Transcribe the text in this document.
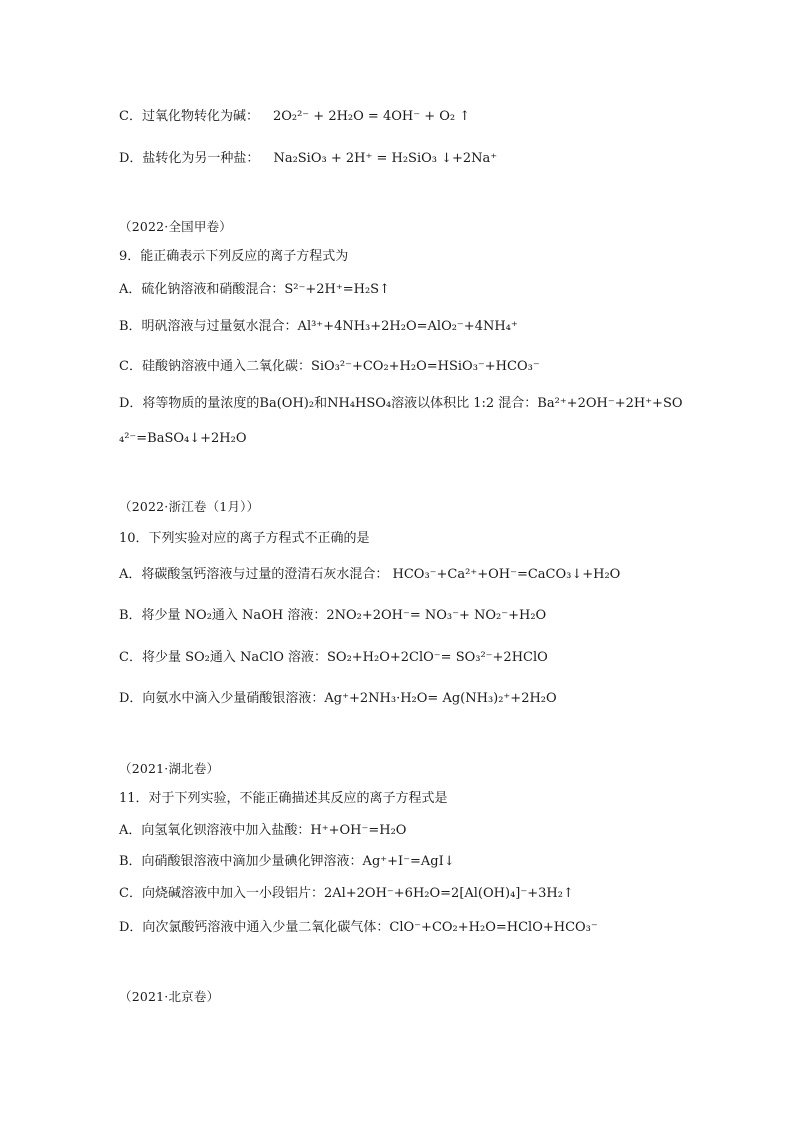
C．过氧化物转化为碱： 2O₂²⁻ + 2H₂O = 4OH⁻ + O₂ ↑
D．盐转化为另一种盐： Na₂SiO₃ + 2H⁺ = H₂SiO₃ ↓+2Na⁺
（2022·全国甲卷）
9．能正确表示下列反应的离子方程式为
A．硫化钠溶液和硝酸混合：S²⁻+2H⁺=H₂S↑
B．明矾溶液与过量氨水混合：Al³⁺+4NH₃+2H₂O=AlO₂⁻+4NH₄⁺
C．硅酸钠溶液中通入二氧化碳：SiO₃²⁻+CO₂+H₂O=HSiO₃⁻+HCO₃⁻
D．将等物质的量浓度的Ba(OH)₂和NH₄HSO₄溶液以体积比 1:2 混合：Ba²⁺+2OH⁻+2H⁺+SO
₄²⁻=BaSO₄↓+2H₂O
（2022·浙江卷（1月））
10．下列实验对应的离子方程式不正确的是
A．将碳酸氢钙溶液与过量的澄清石灰水混合： HCO₃⁻+Ca²⁺+OH⁻=CaCO₃↓+H₂O
B．将少量 NO₂通入 NaOH 溶液：2NO₂+2OH⁻= NO₃⁻+ NO₂⁻+H₂O
C．将少量 SO₂通入 NaClO 溶液：SO₂+H₂O+2ClO⁻= SO₃²⁻+2HClO
D．向氨水中滴入少量硝酸银溶液：Ag⁺+2NH₃·H₂O= Ag(NH₃)₂⁺+2H₂O
（2021·湖北卷）
11．对于下列实验，不能正确描述其反应的离子方程式是
A．向氢氧化钡溶液中加入盐酸：H⁺+OH⁻=H₂O
B．向硝酸银溶液中滴加少量碘化钾溶液：Ag⁺+I⁻=AgI↓
C．向烧碱溶液中加入一小段铝片：2Al+2OH⁻+6H₂O=2[Al(OH)₄]⁻+3H₂↑
D．向次氯酸钙溶液中通入少量二氧化碳气体：ClO⁻+CO₂+H₂O=HClO+HCO₃⁻
（2021·北京卷）
